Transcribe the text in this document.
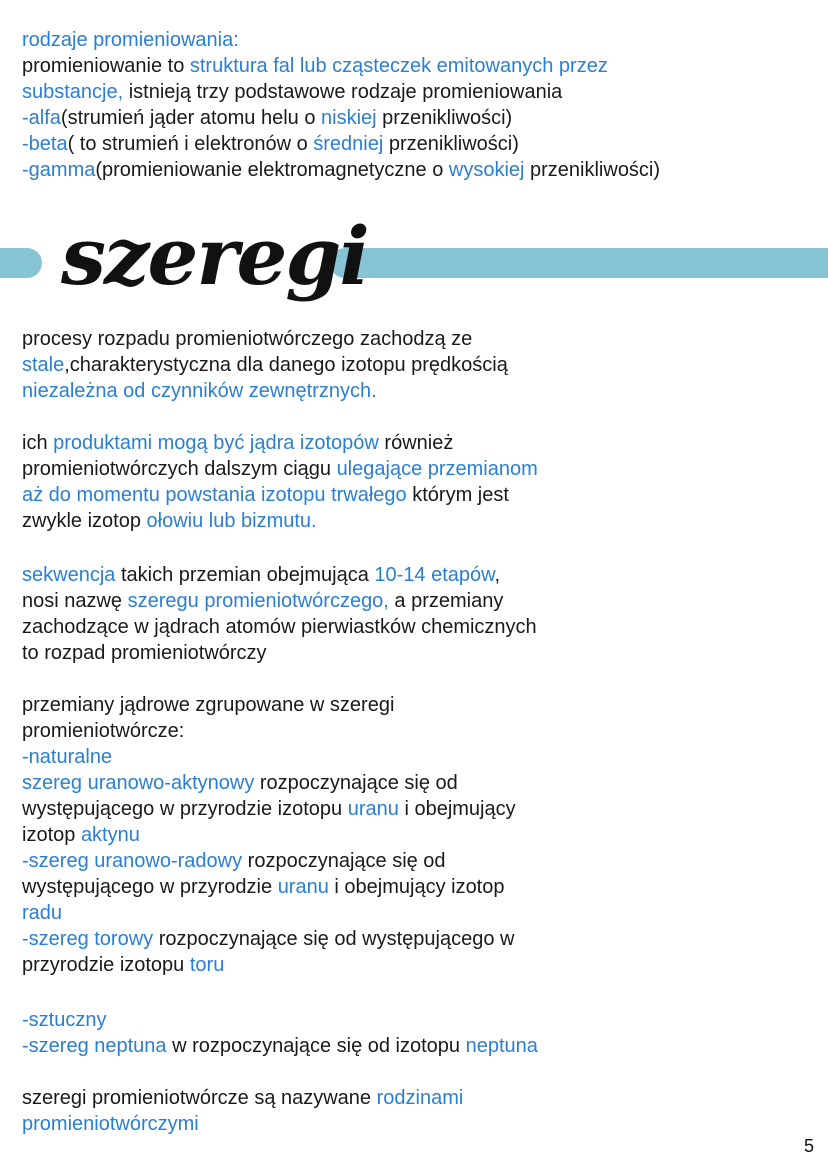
rodzaje promieniowania:
promieniowanie to struktura fal lub cząsteczek emitowanych przez
substancje, istnieją trzy podstawowe rodzaje promieniowania
-alfa(strumień jąder atomu helu o niskiej przenikliwości)
-beta( to strumień i elektronów o średniej przenikliwości)
-gamma(promieniowanie elektromagnetyczne o wysokiej przenikliwości)
szeregi
procesy rozpadu promieniotwórczego zachodzą ze
stale,charakterystyczna dla danego izotopu prędkością
niezależna od czynników zewnętrznych.
ich produktami mogą być jądra izotopów również
promieniotwórczych dalszym ciągu ulegające przemianom
aż do momentu powstania izotopu trwałego którym jest
zwykle izotop ołowiu lub bizmutu.
sekwencja takich przemian obejmująca 10-14 etapów,
nosi nazwę szeregu promieniotwórczego, a przemiany
zachodzące w jądrach atomów pierwiastków chemicznych
to rozpad promieniotwórczy
przemiany jądrowe zgrupowane w szeregi
promieniotwórcze:
-naturalne
szereg uranowo-aktynowy rozpoczynające się od
występującego w przyrodzie izotopu uranu i obejmujący
izotop aktynu
-szereg uranowo-radowy rozpoczynające się od
występującego w przyrodzie uranu i obejmujący izotop
radu
-szereg torowy rozpoczynające się od występującego w
przyrodzie izotopu toru
-sztuczny
-szereg neptuna w rozpoczynające się od izotopu neptuna
szeregi promieniotwórcze są nazywane rodzinami
promieniotwórczymi
5
